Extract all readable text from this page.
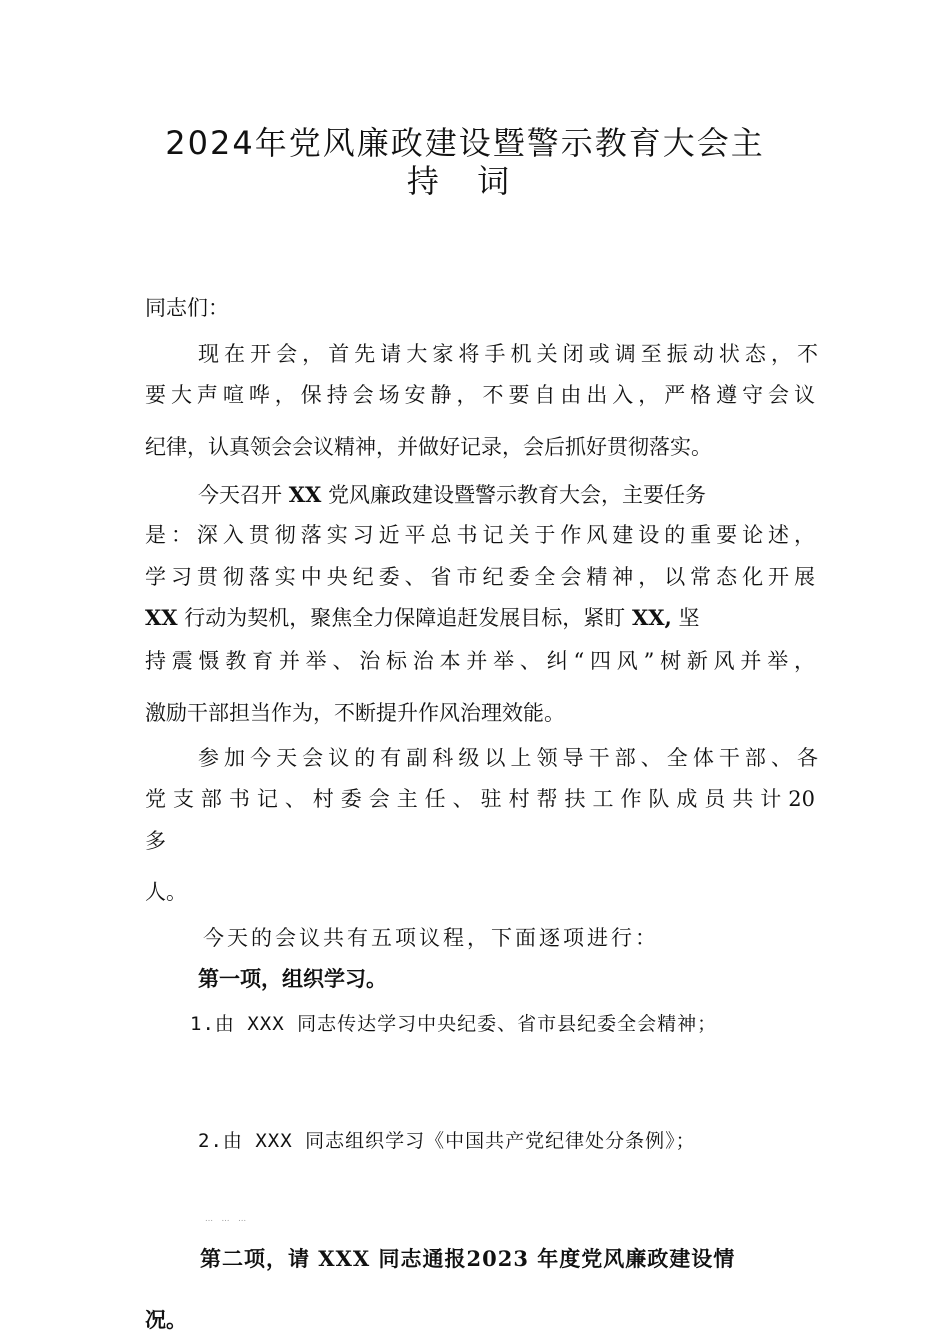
2024年党风廉政建设暨警示教育大会主
持 词

同志们：

现在开会，首先请大家将手机关闭或调至振动状态，不

要大声喧哗，保持会场安静，不要自由出入，严格遵守会议

纪律，认真领会会议精神，并做好记录，会后抓好贯彻落实。

今天召开 XX 党风廉政建设暨警示教育大会，主要任务

是：深入贯彻落实习近平总书记关于作风建设的重要论述，

学习贯彻落实中央纪委、省市纪委全会精神，以常态化开展

XX 行动为契机，聚焦全力保障追赶发展目标，紧盯 XX, 坚

持震慑教育并举、治标治本并举、纠“四风”树新风并举，

激励干部担当作为，不断提升作风治理效能。

参加今天会议的有副科级以上领导干部、全体干部、各

党支部书记、村委会主任、驻村帮扶工作队成员共计20

多

人。

今天的会议共有五项议程，下面逐项进行：

第一项，组织学习。

1.由 XXX 同志传达学习中央纪委、省市县纪委全会精神；

2.由 XXX 同志组织学习《中国共产党纪律处分条例》；

… … …

第二项，请 XXX 同志通报2023 年度党风廉政建设情

况。
